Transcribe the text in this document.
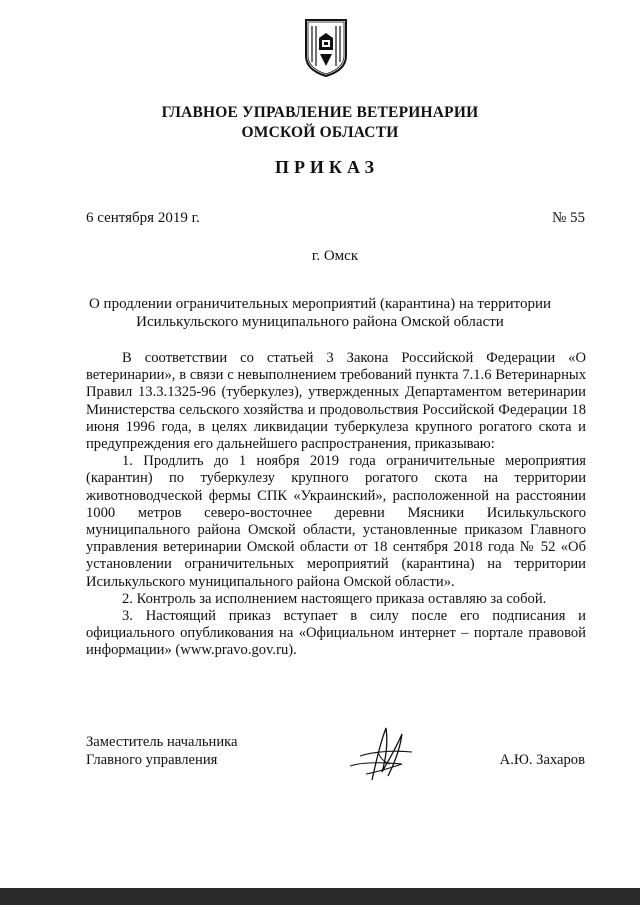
ГЛАВНОЕ УПРАВЛЕНИЕ ВЕТЕРИНАРИИ
ОМСКОЙ ОБЛАСТИ
ПРИКАЗ
6 сентября 2019 г.	№ 55
г. Омск
О продлении ограничительных мероприятий (карантина) на территории
Исилькульского муниципального района Омской области

В соответствии со статьей 3 Закона Российской Федерации «О ветеринарии», в связи с невыполнением требований пункта 7.1.6 Ветеринарных Правил 13.3.1325-96 (туберкулез), утвержденных Департаментом ветеринарии Министерства сельского хозяйства и продовольствия Российской Федерации 18 июня 1996 года, в целях ликвидации туберкулеза крупного рогатого скота и предупреждения его дальнейшего распространения, приказываю:

1. Продлить до 1 ноября 2019 года ограничительные мероприятия (карантин) по туберкулезу крупного рогатого скота на территории животноводческой фермы СПК «Украинский», расположенной на расстоянии 1000 метров северо-восточнее деревни Мясники Исилькульского муниципального района Омской области, установленные приказом Главного управления ветеринарии Омской области от 18 сентября 2018 года № 52 «Об установлении ограничительных мероприятий (карантина) на территории Исилькульского муниципального района Омской области».

2. Контроль за исполнением настоящего приказа оставляю за собой.

3. Настоящий приказ вступает в силу после его подписания и официального опубликования на «Официальном интернет – портале правовой информации» (www.pravo.gov.ru).

Заместитель начальника
Главного управления	А.Ю. Захаров
